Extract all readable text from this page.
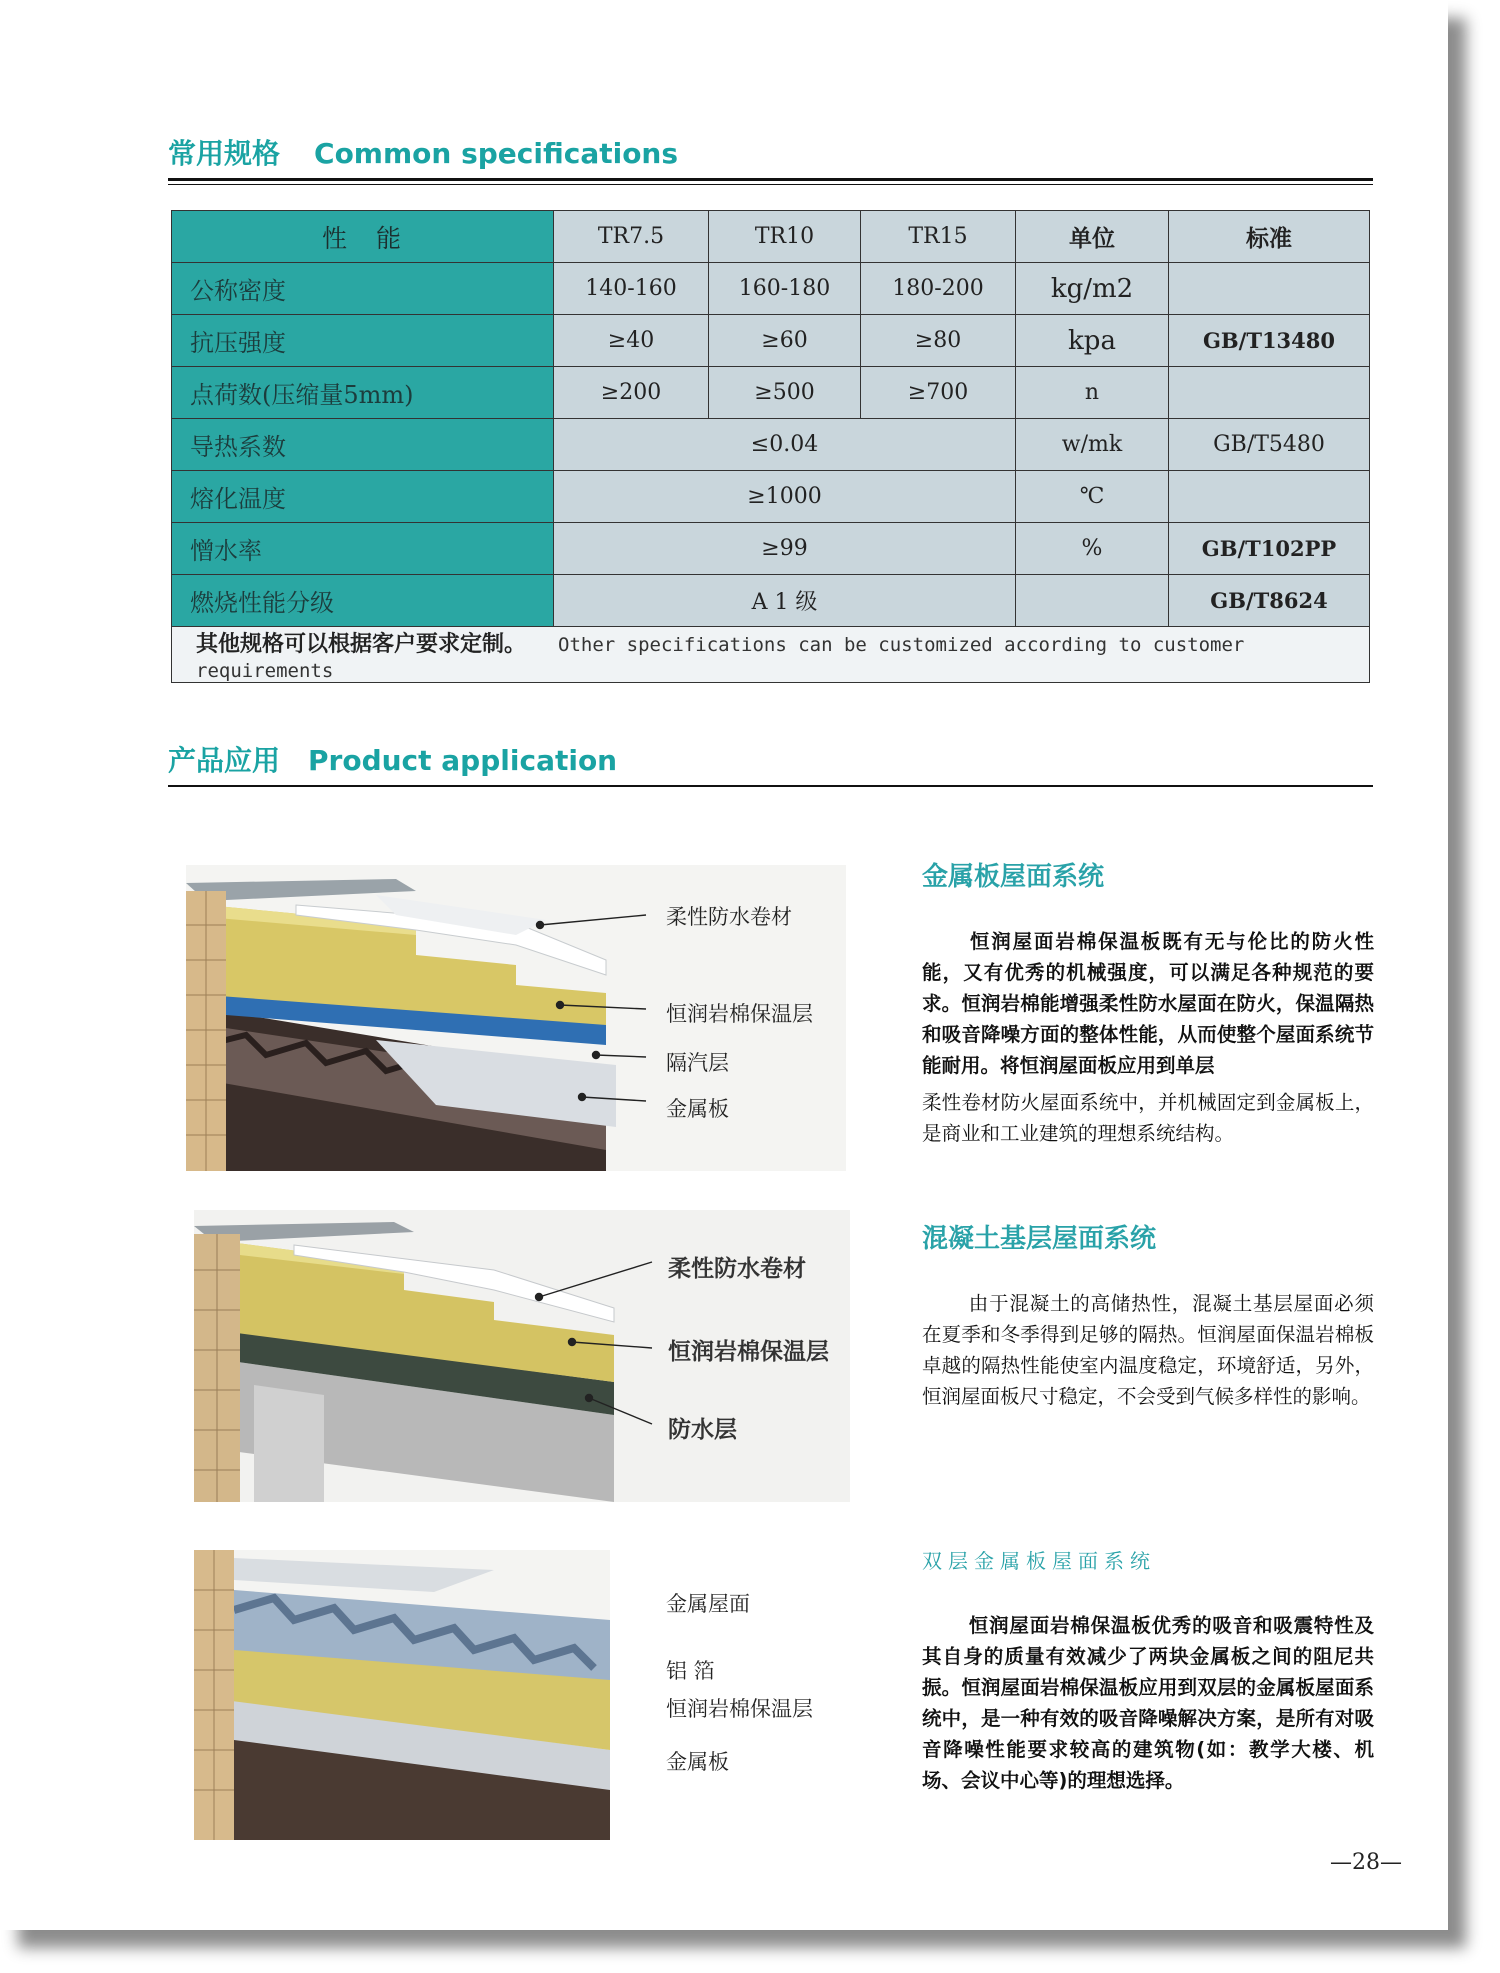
常用规格 Common specifications
性　能	TR7.5	TR10	TR15	单位	标准
公称密度	140-160	160-180	180-200	kg/m2	
抗压强度	≥40	≥60	≥80	kpa	GB/T13480
点荷数(压缩量5mm)	≥200	≥500	≥700	n	
导热系数	≤0.04			w/mk	GB/T5480
熔化温度	≥1000			℃	
憎水率	≥99			%	GB/T102PP
燃烧性能分级	A 1 级				GB/T8624
其他规格可以根据客户要求定制。 Other specifications can be customized according to customer requirements					
产品应用 Product application
柔性防水卷材
恒润岩棉保温层
隔汽层
金属板
柔性防水卷材
恒润岩棉保温层
防水层
金属屋面
铝 箔
恒润岩棉保温层
金属板
金属板屋面系统
恒润屋面岩棉保温板既有无与伦比的防火性能，又有优秀的机械强度，可以满足各种规范的要求。恒润岩棉能增强柔性防水屋面在防火，保温隔热和吸音降噪方面的整体性能，从而使整个屋面系统节能耐用。将恒润屋面板应用到单层
柔性卷材防火屋面系统中，并机械固定到金属板上，是商业和工业建筑的理想系统结构。
混凝土基层屋面系统
由于混凝土的高储热性，混凝土基层屋面必须在夏季和冬季得到足够的隔热。恒润屋面保温岩棉板卓越的隔热性能使室内温度稳定，环境舒适，另外，恒润屋面板尺寸稳定，不会受到气候多样性的影响。
双层金属板屋面系统
恒润屋面岩棉保温板优秀的吸音和吸震特性及其自身的质量有效减少了两块金属板之间的阻尼共振。恒润屋面岩棉保温板应用到双层的金属板屋面系统中，是一种有效的吸音降噪解决方案，是所有对吸音降噪性能要求较高的建筑物(如：教学大楼、机场、会议中心等)的理想选择。
—28—
